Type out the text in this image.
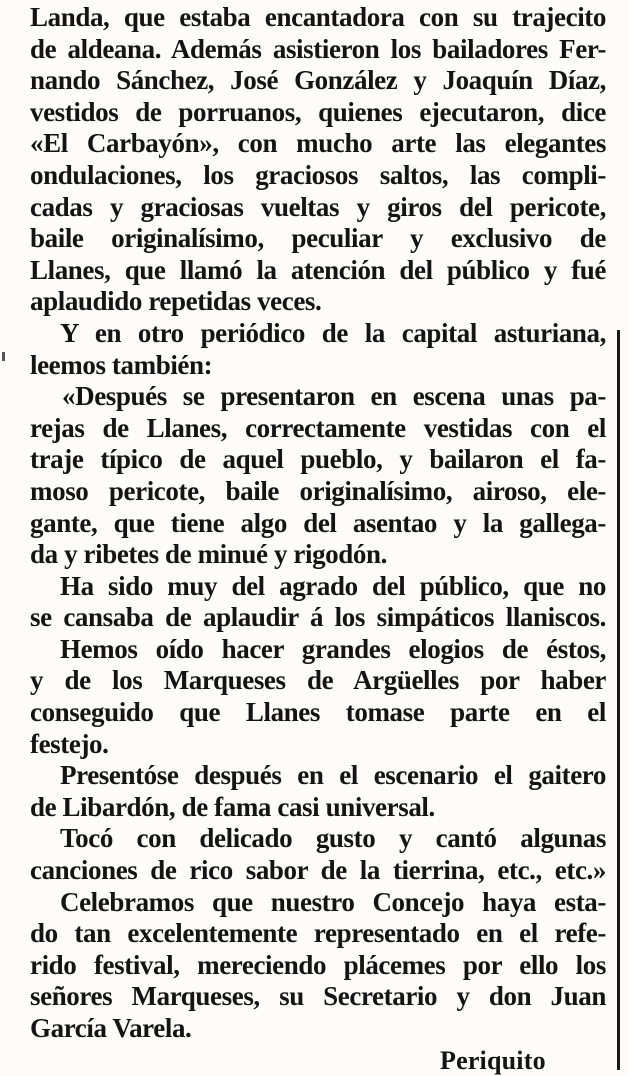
Landa, que estaba encantadora con su trajecito
de aldeana. Además asistieron los bailadores Fer-
nando Sánchez, José González y Joaquín Díaz,
vestidos de porruanos, quienes ejecutaron, dice
«El Carbayón», con mucho arte las elegantes
ondulaciones, los graciosos saltos, las compli-
cadas y graciosas vueltas y giros del pericote,
baile originalísimo, peculiar y exclusivo de
Llanes, que llamó la atención del público y fué
aplaudido repetidas veces.
Y en otro periódico de la capital asturiana,
leemos también:
«Después se presentaron en escena unas pa-
rejas de Llanes, correctamente vestidas con el
traje típico de aquel pueblo, y bailaron el fa-
moso pericote, baile originalísimo, airoso, ele-
gante, que tiene algo del asentao y la gallega-
da y ribetes de minué y rigodón.
Ha sido muy del agrado del público, que no
se cansaba de aplaudir á los simpáticos llaniscos.
Hemos oído hacer grandes elogios de éstos,
y de los Marqueses de Argüelles por haber
conseguido que Llanes tomase parte en el
festejo.
Presentóse después en el escenario el gaitero
de Libardón, de fama casi universal.
Tocó con delicado gusto y cantó algunas
canciones de rico sabor de la tierrina, etc., etc.»
Celebramos que nuestro Concejo haya esta-
do tan excelentemente representado en el refe-
rido festival, mereciendo plácemes por ello los
señores Marqueses, su Secretario y don Juan
García Varela.
Periquito
